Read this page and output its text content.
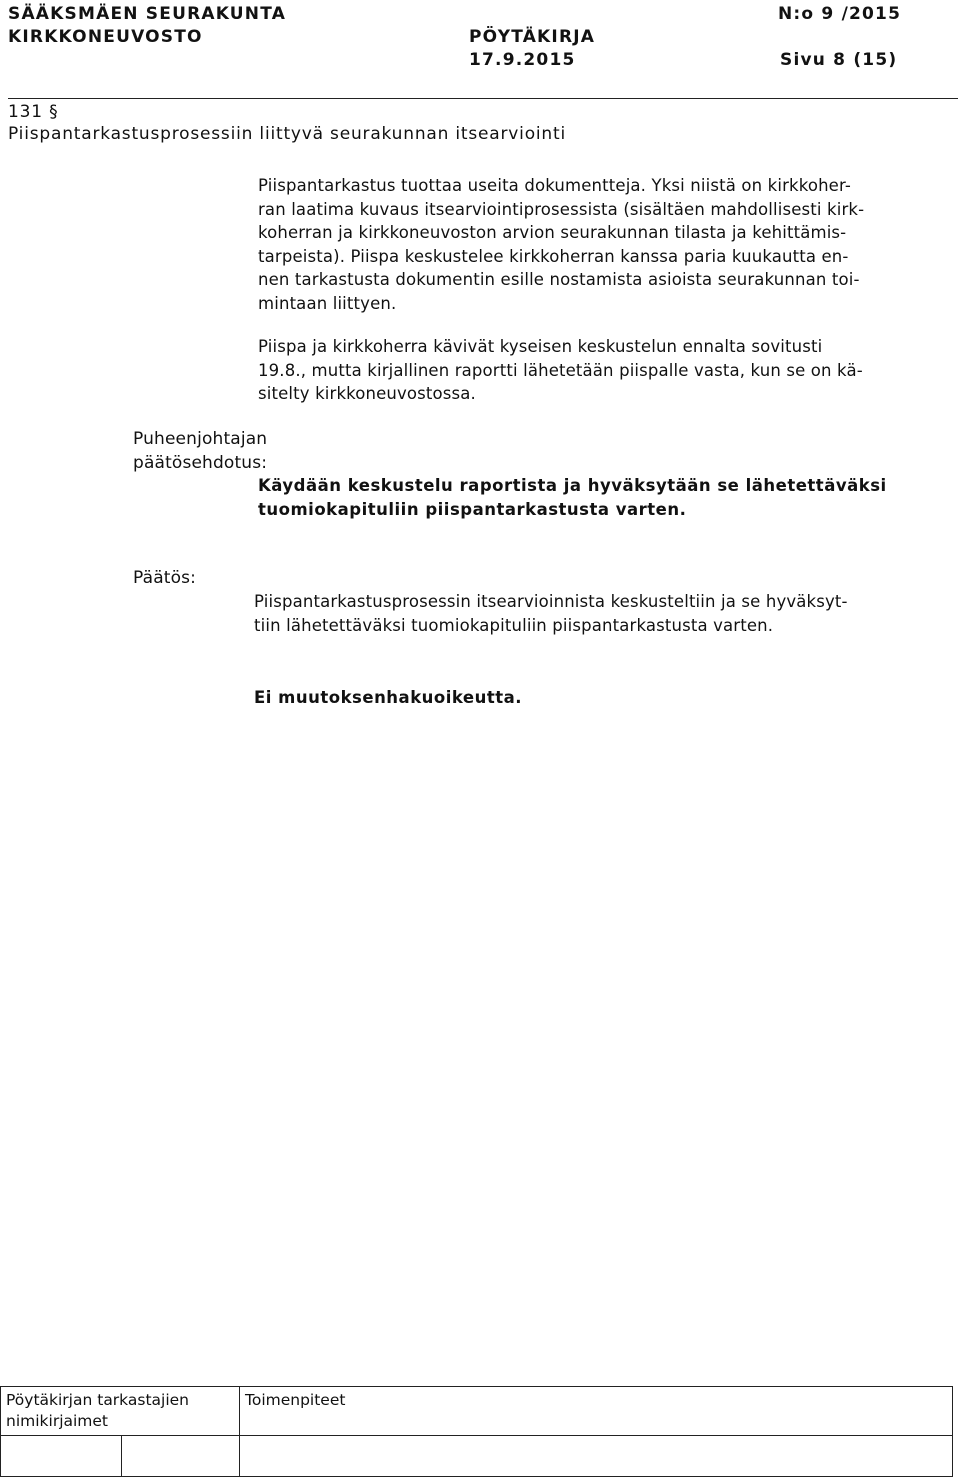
SÄÄKSMÄEN SEURAKUNTA
KIRKKONEUVOSTO	PÖYTÄKIRJA
17.9.2015
N:o 9 /2015
Sivu 8 (15)
131 §
Piispantarkastusprosessiin liittyvä seurakunnan itsearviointi
Piispantarkastus tuottaa useita dokumentteja. Yksi niistä on kirkkoher-
ran laatima kuvaus itsearviointiprosessista (sisältäen mahdollisesti kirk-
koherran ja kirkkoneuvoston arvion seurakunnan tilasta ja kehittämis-
tarpeista). Piispa keskustelee kirkkoherran kanssa paria kuukautta en-
nen tarkastusta dokumentin esille nostamista asioista seurakunnan toi-
mintaan liittyen.
Piispa ja kirkkoherra kävivät kyseisen keskustelun ennalta sovitusti
19.8., mutta kirjallinen raportti lähetetään piispalle vasta, kun se on kä-
sitelty kirkkoneuvostossa.
Puheenjohtajan
päätösehdotus:
Käydään keskustelu raportista ja hyväksytään se lähetettäväksi
tuomiokapituliin piispantarkastusta varten.
Päätös:
Piispantarkastusprosessin itsearvioinnista keskusteltiin ja se hyväksyt-
tiin lähetettäväksi tuomiokapituliin piispantarkastusta varten.
Ei muutoksenhakuoikeutta.
Pöytäkirjan tarkastajien
nimikirjaimet	Toimenpiteet
